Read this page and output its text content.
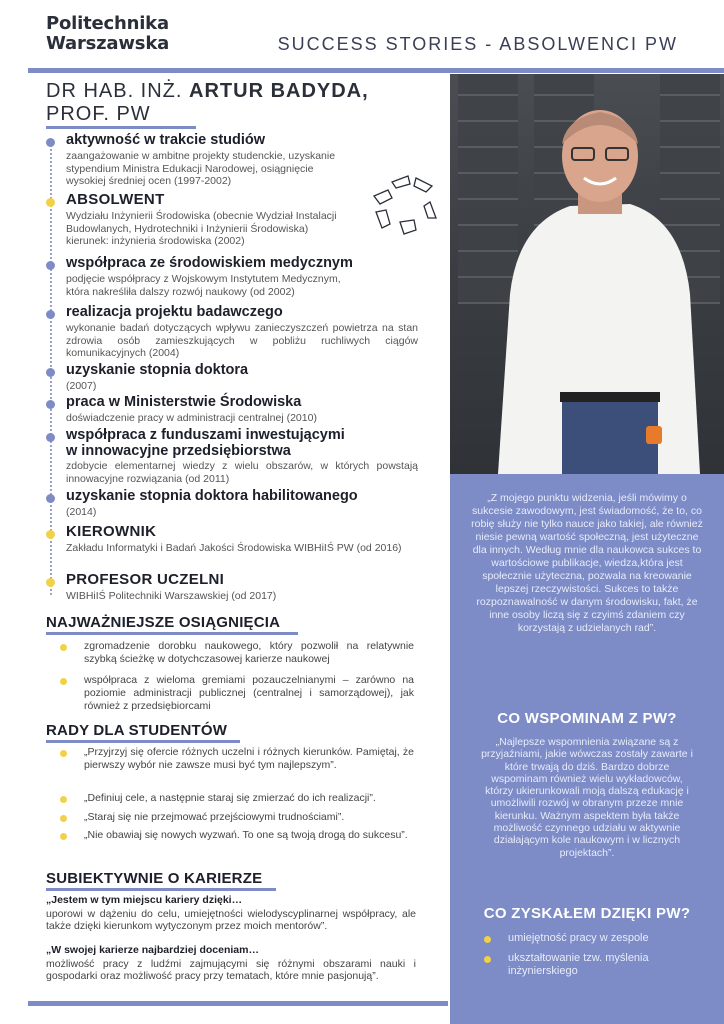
Politechnika
Warszawska	SUCCESS STORIES - ABSOLWENCI PW
DR HAB. INŻ. ARTUR BADYDA,
PROF. PW
aktywność w trakcie studiów
zaangażowanie w ambitne projekty studenckie, uzyskanie
stypendium Ministra Edukacji Narodowej, osiągnięcie
wysokiej średniej ocen (1997-2002)
ABSOLWENT
Wydziału Inżynierii Środowiska (obecnie Wydział Instalacji
Budowlanych, Hydrotechniki i Inżynierii Środowiska)
kierunek: inżynieria środowiska (2002)
współpraca ze środowiskiem medycznym
podjęcie współpracy z Wojskowym Instytutem Medycznym,
która nakreśliła dalszy rozwój naukowy (od 2002)
realizacja projektu badawczego
wykonanie badań dotyczących wpływu zanieczyszczeń powietrza na stan zdrowia osób zamieszkujących w pobliżu ruchliwych ciągów komunikacyjnych (2004)
uzyskanie stopnia doktora
(2007)
praca w Ministerstwie Środowiska
doświadczenie pracy w administracji centralnej (2010)
współpraca z funduszami inwestującymi
w innowacyjne przedsiębiorstwa
zdobycie elementarnej wiedzy z wielu obszarów, w których powstają innowacyjne rozwiązania (od 2011)
uzyskanie stopnia doktora habilitowanego
(2014)
KIEROWNIK
Zakładu Informatyki i Badań Jakości Środowiska WIBHiIŚ PW (od 2016)
PROFESOR UCZELNI
WIBHiIŚ Politechniki Warszawskiej (od 2017)
NAJWAŻNIEJSZE OSIĄGNIĘCIA
zgromadzenie dorobku naukowego, który pozwolił na relatywnie szybką ścieżkę w dotychczasowej karierze naukowej
współpraca z wieloma gremiami pozauczelnianymi – zarówno na poziomie administracji publicznej (centralnej i samorządowej), jak również z przedsiębiorcami
RADY DLA STUDENTÓW
„Przyjrzyj się ofercie różnych uczelni i różnych kierunków. Pamiętaj, że pierwszy wybór nie zawsze musi być tym najlepszym”.
„Definiuj cele, a następnie staraj się zmierzać do ich realizacji”.
„Staraj się nie przejmować przejściowymi trudnościami”.
„Nie obawiaj się nowych wyzwań. To one są twoją drogą do sukcesu”.
SUBIEKTYWNIE O KARIERZE
„Jestem w tym miejscu kariery dzięki…
uporowi w dążeniu do celu, umiejętności wielodyscyplinarnej współpracy, ale także dzięki kierunkom wytyczonym przez moich mentorów”.
„W swojej karierze najbardziej doceniam…
możliwość pracy z ludźmi zajmującymi się różnymi obszarami nauki i gospodarki oraz możliwość pracy przy tematach, które mnie pasjonują”.
„Z mojego punktu widzenia, jeśli mówimy o sukcesie zawodowym, jest świadomość, że to, co robię służy nie tylko nauce jako takiej, ale również niesie pewną wartość społeczną, jest użyteczne dla innych. Według mnie dla naukowca sukces to wartościowe publikacje, wiedza,która jest społecznie użyteczna, pozwala na kreowanie lepszej rzeczywistości. Sukces to także rozpoznawalność w danym środowisku, fakt, że inne osoby liczą się z czyimś zdaniem czy korzystają z udzielanych rad”.
CO WSPOMINAM Z PW?
„Najlepsze wspomnienia związane są z przyjaźniami, jakie wówczas zostały zawarte i które trwają do dziś. Bardzo dobrze wspominam również wielu wykładowców, którzy ukierunkowali moją dalszą edukację i umożliwili rozwój w obranym przeze mnie kierunku. Ważnym aspektem była także możliwość czynnego udziału w aktywnie działającym kole naukowym i w licznych projektach”.
CO ZYSKAŁEM DZIĘKI PW?
umiejętność pracy w zespole
ukształtowanie tzw. myślenia inżynierskiego
